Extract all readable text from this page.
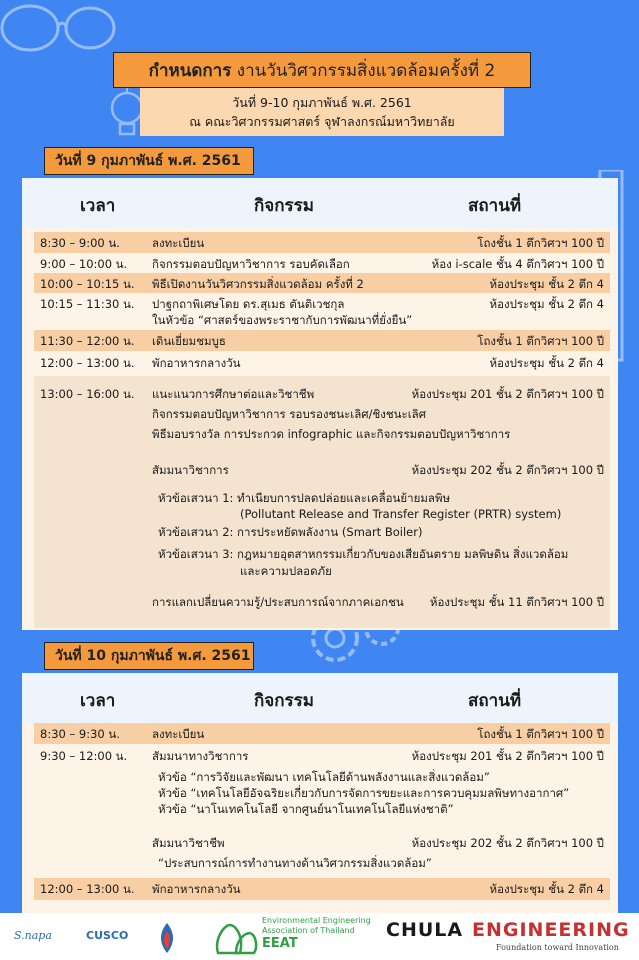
กำหนดการ งานวันวิศวกรรมสิ่งแวดล้อมครั้งที่ 2
วันที่ 9-10 กุมภาพันธ์ พ.ศ. 2561
ณ คณะวิศวกรรมศาสตร์ จุฬาลงกรณ์มหาวิทยาลัย
วันที่ 9 กุมภาพันธ์ พ.ศ. 2561
เวลา	กิจกรรม	สถานที่
8:30 – 9:00 น.	ลงทะเบียน	โถงชั้น 1 ตึกวิศวฯ 100 ปี
9:00 – 10:00 น. กิจกรรมตอบปัญหาวิชาการ รอบคัดเลือก	ห้อง i-scale ชั้น 4 ตึกวิศวฯ 100 ปี
10:00 – 10:15 น. พิธีเปิดงานวันวิศวกรรมสิ่งแวดล้อม ครั้งที่ 2	ห้องประชุม ชั้น 2 ตึก 4
10:15 – 11:30 น. ปาฐกถาพิเศษโดย ดร.สุเมธ ตันติเวชกุล
ในหัวข้อ “ศาสตร์ของพระราชากับการพัฒนาที่ยั่งยืน”
ห้องประชุม ชั้น 2 ตึก 4
11:30 – 12:00 น. เดินเยี่ยมชมบูธ	โถงชั้น 1 ตึกวิศวฯ 100 ปี
12:00 – 13:00 น. พักอาหารกลางวัน	ห้องประชุม ชั้น 2 ตึก 4
13:00 – 16:00 น. แนะแนวการศึกษาต่อและวิชาชีพ	ห้องประชุม 201 ชั้น 2 ตึกวิศวฯ 100 ปี
กิจกรรมตอบปัญหาวิชาการ รอบรองชนะเลิศ/ชิงชนะเลิศ
พิธีมอบรางวัล การประกวด infographic และกิจกรรมตอบปัญหาวิชาการ
สัมมนาวิชาการ	ห้องประชุม 202 ชั้น 2 ตึกวิศวฯ 100 ปี
หัวข้อเสวนา 1: ทำเนียบการปลดปล่อยและเคลื่อนย้ายมลพิษ
(Pollutant Release and Transfer Register (PRTR) system)
หัวข้อเสวนา 2: การประหยัดพลังงาน (Smart Boiler)
หัวข้อเสวนา 3: กฎหมายอุตสาหกรรมเกี่ยวกับของเสียอันตราย มลพิษดิน สิ่งแวดล้อม
และความปลอดภัย
การแลกเปลี่ยนความรู้/ประสบการณ์จากภาคเอกชน ห้องประชุม ชั้น 11 ตึกวิศวฯ 100 ปี
วันที่ 10 กุมภาพันธ์ พ.ศ. 2561
เวลา	กิจกรรม	สถานที่
8:30 – 9:30 น.	ลงทะเบียน	โถงชั้น 1 ตึกวิศวฯ 100 ปี
9:30 – 12:00 น. สัมมนาทางวิชาการ	ห้องประชุม 201 ชั้น 2 ตึกวิศวฯ 100 ปี
หัวข้อ “การวิจัยและพัฒนา เทคโนโลยีด้านพลังงานและสิ่งแวดล้อม”
หัวข้อ “เทคโนโลยีอัจฉริยะเกี่ยวกับการจัดการขยะและการควบคุมมลพิษทางอากาศ”
หัวข้อ “นาโนเทคโนโลยี จากศูนย์นาโนเทคโนโลยีแห่งชาติ”
สัมมนาวิชาชีพ	ห้องประชุม 202 ชั้น 2 ตึกวิศวฯ 100 ปี
“ประสบการณ์การทำงานทางด้านวิศวกรรมสิ่งแวดล้อม”
12:00 – 13:00 น. พักอาหารกลางวัน	ห้องประชุม ชั้น 2 ตึก 4
S.napa	CUSCO
Environmental Engineering
Association of Thailand
EEAT
CHULA ENGINEERING
Foundation toward Innovation
